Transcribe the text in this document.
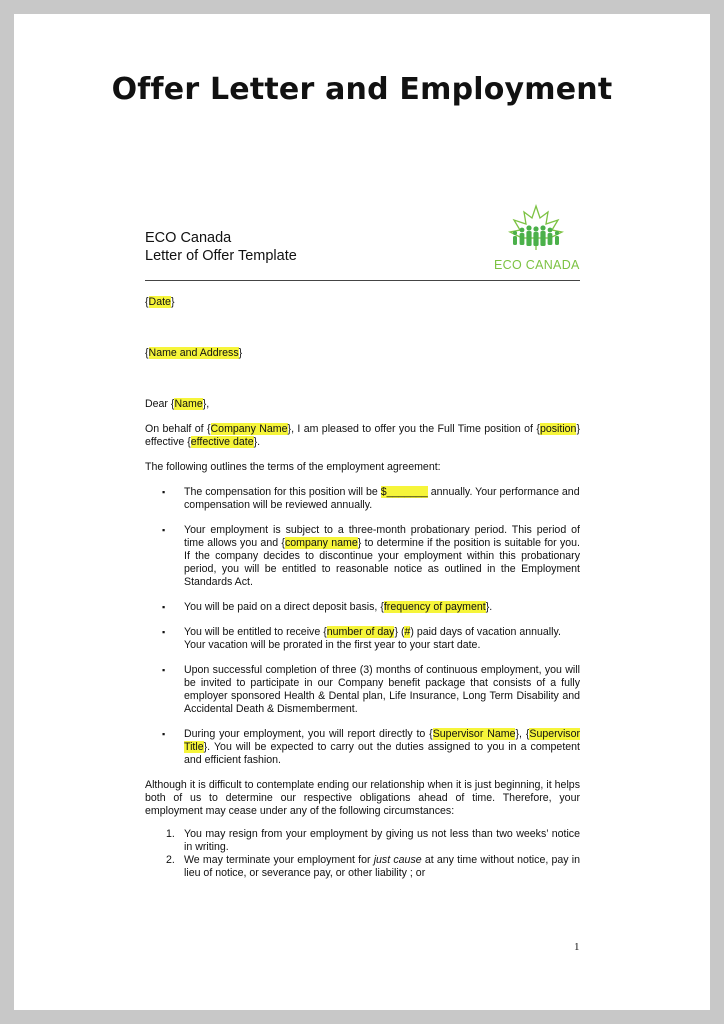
Offer Letter and Employment
ECO Canada
Letter of Offer Template
ECO CANADA
{Date}
{Name and Address}
Dear {Name},
On behalf of {Company Name}, I am pleased to offer you the Full Time position of {position} effective {effective date}.
The following outlines the terms of the employment agreement:
▪ The compensation for this position will be $_______ annually. Your performance and compensation will be reviewed annually.
▪ Your employment is subject to a three-month probationary period. This period of time allows you and {company name} to determine if the position is suitable for you. If the company decides to discontinue your employment within this probationary period, you will be entitled to reasonable notice as outlined in the Employment Standards Act.
▪ You will be paid on a direct deposit basis, {frequency of payment}.
▪ You will be entitled to receive {number of day} (#) paid days of vacation annually. Your vacation will be prorated in the first year to your start date.
▪ Upon successful completion of three (3) months of continuous employment, you will be invited to participate in our Company benefit package that consists of a fully employer sponsored Health & Dental plan, Life Insurance, Long Term Disability and Accidental Death & Dismemberment.
▪ During your employment, you will report directly to {Supervisor Name}, {Supervisor Title}. You will be expected to carry out the duties assigned to you in a competent and efficient fashion.
Although it is difficult to contemplate ending our relationship when it is just beginning, it helps both of us to determine our respective obligations ahead of time. Therefore, your employment may cease under any of the following circumstances:
1. You may resign from your employment by giving us not less than two weeks’ notice in writing.
2. We may terminate your employment for just cause at any time without notice, pay in lieu of notice, or severance pay, or other liability ; or
1
